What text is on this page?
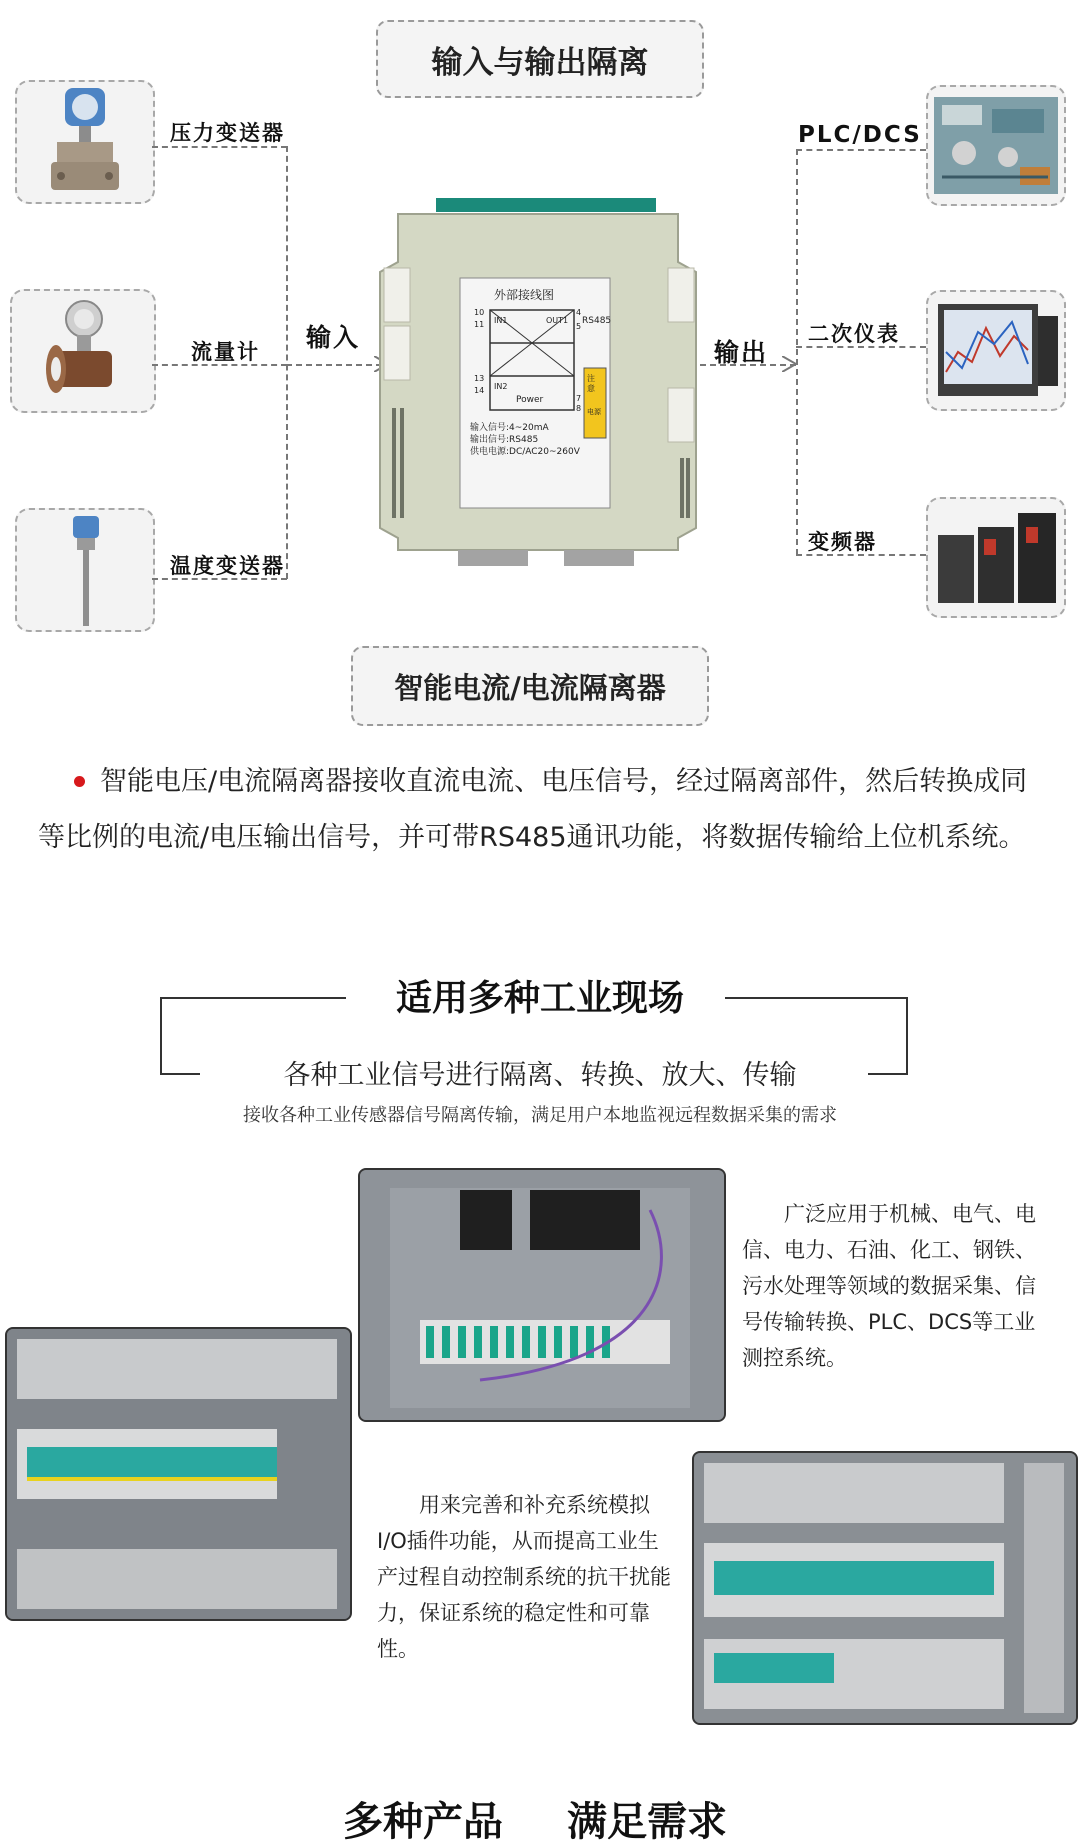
输入与输出隔离
压力变送器
流量计
温度变送器
输入
外部接线图
10
11
13
14
4
5
7
8
IN1
IN2
OUT1 RS485
Power
输入信号:4~20mA
输出信号:RS485
供电电源:DC/AC20~260V
注 意
电源
输出
PLC/DCS
二次仪表
变频器
智能电流/电流隔离器
智能电压/电流隔离器接收直流电流、电压信号，经过隔离部件，然后转换成同等比例的电流/电压输出信号，并可带RS485通讯功能，将数据传输给上位机系统。
适用多种工业现场
各种工业信号进行隔离、转换、放大、传输
接收各种工业传感器信号隔离传输，满足用户本地监视远程数据采集的需求
广泛应用于机械、电气、电信、电力、石油、化工、钢铁、污水处理等领域的数据采集、信号传输转换、PLC、DCS等工业测控系统。
用来完善和补充系统模拟I/O插件功能，从而提高工业生产过程自动控制系统的抗干扰能力，保证系统的稳定性和可靠性。
多种产品 满足需求
